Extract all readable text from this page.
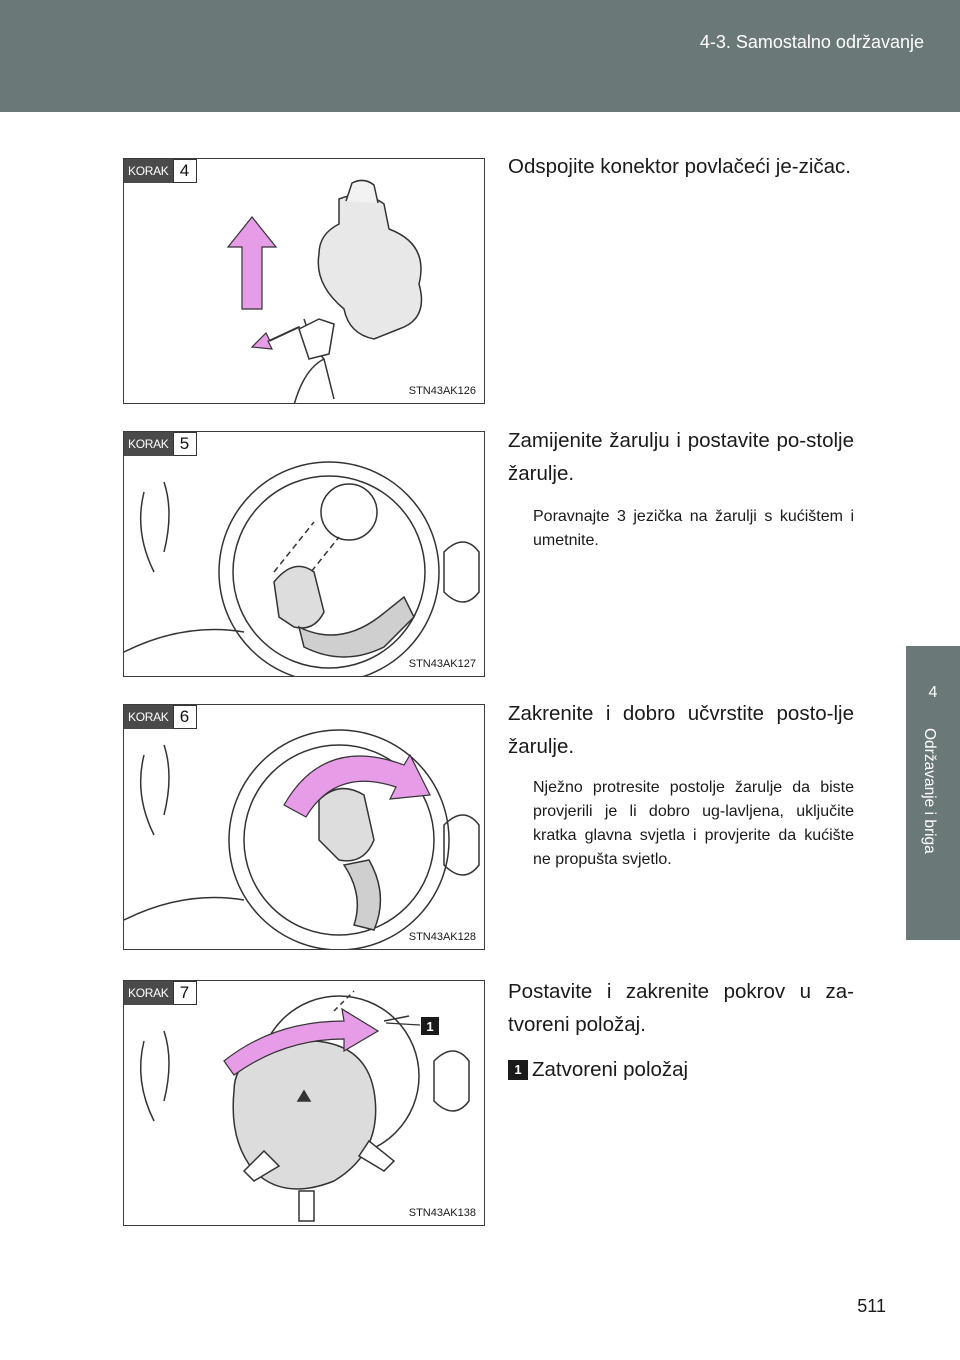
4-3. Samostalno održavanje
4
Održavanje i briga
KORAK 4
STN43AK126
Odspojite konektor povlačeći je-zičac.
KORAK 5
STN43AK127
Zamijenite žarulju i postavite po-stolje žarulje.
Poravnajte 3 jezička na žarulji s kućištem i umetnite.
KORAK 6
STN43AK128
Zakrenite i dobro učvrstite posto-lje žarulje.
Nježno protresite postolje žarulje da biste provjerili je li dobro ug-lavljena, uključite kratka glavna svjetla i provjerite da kućište ne propušta svjetlo.
KORAK 7
1
STN43AK138
Postavite i zakrenite pokrov u za-tvoreni položaj.
1 Zatvoreni položaj
511
